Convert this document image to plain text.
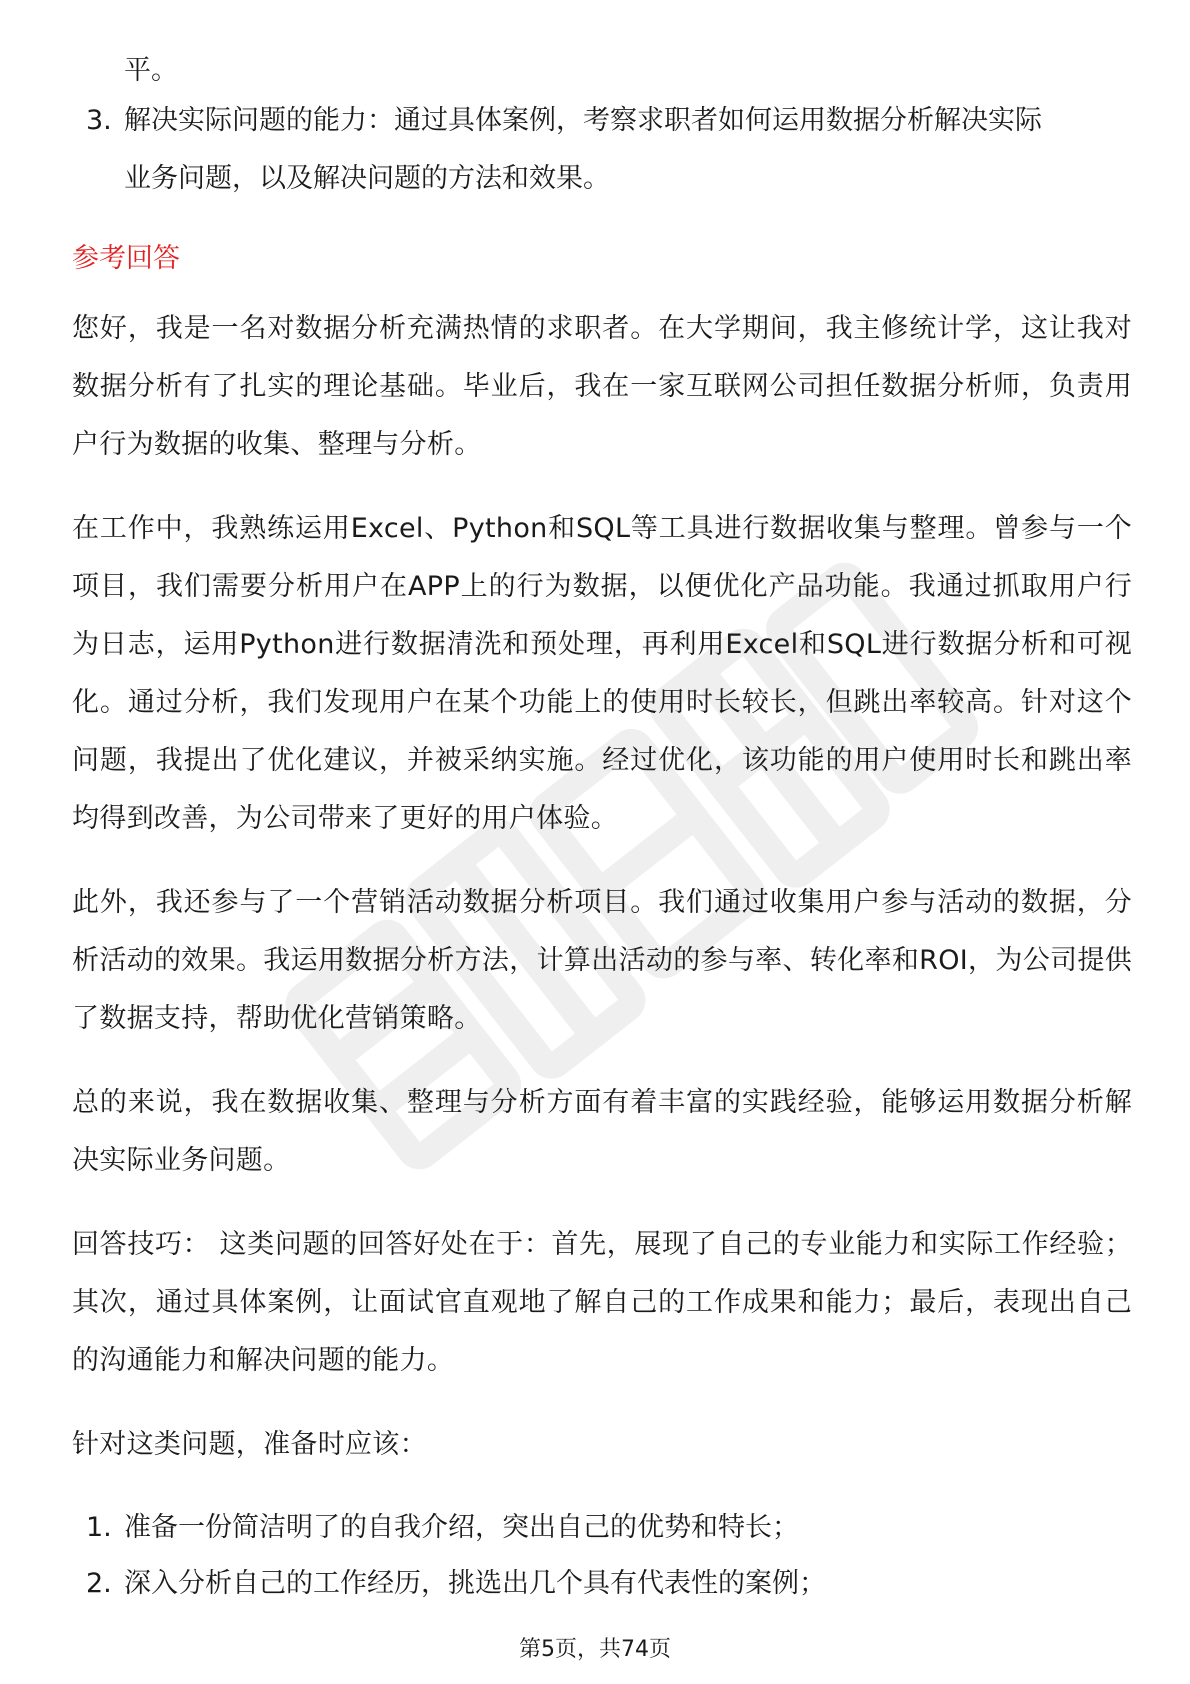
平。
3. 解决实际问题的能力：通过具体案例，考察求职者如何运用数据分析解决实际
业务问题，以及解决问题的方法和效果。
参考回答

您好，我是一名对数据分析充满热情的求职者。在大学期间，我主修统计学，这让我对数据分析有了扎实的理论基础。毕业后，我在一家互联网公司担任数据分析师，负责用户行为数据的收集、整理与分析。

在工作中，我熟练运用Excel、Python和SQL等工具进行数据收集与整理。曾参与一个项目，我们需要分析用户在APP上的行为数据，以便优化产品功能。我通过抓取用户行为日志，运用Python进行数据清洗和预处理，再利用Excel和SQL进行数据分析和可视化。通过分析，我们发现用户在某个功能上的使用时长较长，但跳出率较高。针对这个问题，我提出了优化建议，并被采纳实施。经过优化，该功能的用户使用时长和跳出率均得到改善，为公司带来了更好的用户体验。

此外，我还参与了一个营销活动数据分析项目。我们通过收集用户参与活动的数据，分析活动的效果。我运用数据分析方法，计算出活动的参与率、转化率和ROI，为公司提供了数据支持，帮助优化营销策略。

总的来说，我在数据收集、整理与分析方面有着丰富的实践经验，能够运用数据分析解决实际业务问题。

回答技巧： 这类问题的回答好处在于：首先，展现了自己的专业能力和实际工作经验；其次，通过具体案例，让面试官直观地了解自己的工作成果和能力；最后，表现出自己的沟通能力和解决问题的能力。

针对这类问题，准备时应该：

1. 准备一份简洁明了的自我介绍，突出自己的优势和特长；
2. 深入分析自己的工作经历，挑选出几个具有代表性的案例；
第5页，共74页
